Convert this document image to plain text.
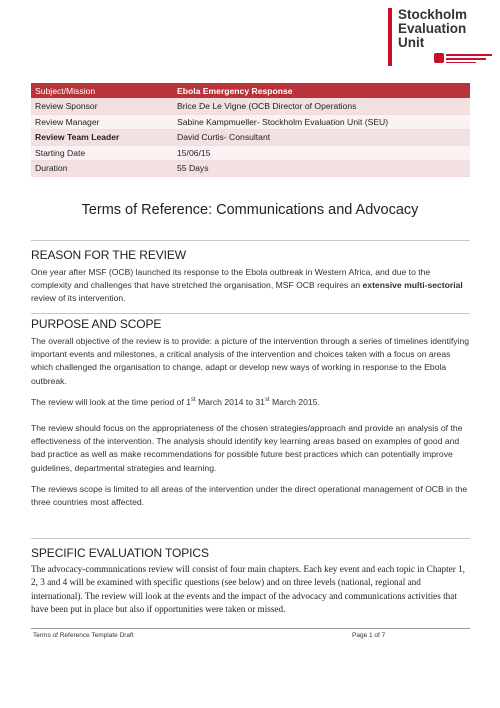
Stockholm
Evaluation
Unit
Subject/Mission	Ebola Emergency Response
Review Sponsor	Brice De Le Vigne (OCB Director of Operations
Review Manager	Sabine Kampmueller- Stockholm Evaluation Unit (SEU)
Review Team Leader	David Curtis- Consultant
Starting Date	15/06/15
Duration	55 Days
Terms of Reference: Communications and Advocacy
REASON FOR THE REVIEW
One year after MSF (OCB) launched its response to the Ebola outbreak in Western Africa, and due to the complexity and challenges that have stretched the organisation, MSF OCB requires an extensive multi-sectorial review of its intervention.
PURPOSE AND SCOPE
The overall objective of the review is to provide: a picture of the intervention through a series of timelines identifying important events and milestones, a critical analysis of the intervention and choices taken with a focus on areas which challenged the organisation to change, adapt or develop new ways of working in response to the Ebola outbreak.
The review will look at the time period of 1st March 2014 to 31st March 2015.
The review should focus on the appropriateness of the chosen strategies/approach and provide an analysis of the effectiveness of the intervention. The analysis should identify key learning areas based on examples of good and bad practice as well as make recommendations for possible future best practices which can potentially improve guidelines, departmental strategies and learning.
The reviews scope is limited to all areas of the intervention under the direct operational management of OCB in the three countries most affected.
SPECIFIC EVALUATION TOPICS
The advocacy-communications review will consist of four main chapters. Each key event and each topic in Chapter 1, 2, 3 and 4 will be examined with specific questions (see below) and on three levels (national, regional and international). The review will look at the events and the impact of the advocacy and communications activities that have been put in place but also if opportunities were taken or missed.
Terms of Reference Template Draft	Page 1 of 7
